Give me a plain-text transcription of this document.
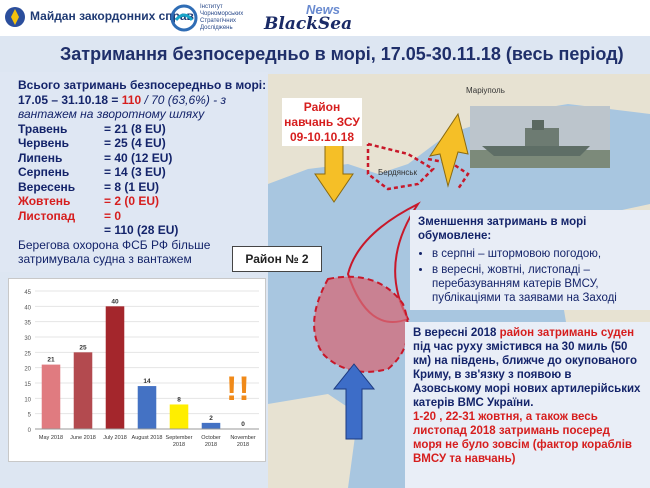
Майдан закордонних справ
Інститут Чорноморських Стратегічних Досліджень
News
BlackSea
Затримання безпосередньо в морі, 17.05-30.11.18 (весь період)
Маріуполь
Бердянськ
Всього затримань безпосередньо в морі:
17.05 – 31.10.18 = 110 / 70 (63,6%) - з
вантажем на зворотному шляху
Травень	= 21 (8 EU)
Червень	= 25 (4 EU)
Липень	= 40 (12 EU)
Серпень	= 14 (3 EU)
Вересень	= 8 (1 EU)
Жовтень	= 2 (0 EU)
Листопад	= 0
= 110 (28 EU)
Берегова охорона ФСБ РФ більше затримувала судна з вантажем
0
5
10
15
20
25
30
35
40
45
21
May 2018
25
June 2018
40
July 2018
14
August 2018
8
September
2018
2
October
2018
0
November
2018
Район навчань ЗСУ 09-10.10.18
Район № 2
Зменшення затримань в морі обумовлене:
• в серпні – штормовою погодою,
• в вересні, жовтні, листопаді – перебазуванням катерів ВМСУ, публікаціями та заявами на Заході
В вересні 2018 район затримань суден під час руху змістився на 30 миль (50 км) на південь, ближче до окупованого Криму, в зв'язку з появою в Азовському морі нових артилерійських катерів ВМС України.
1-20 , 22-31 жовтня, а також весь листопад 2018 затримань посеред моря не було зовсім (фактор кораблів ВМСУ та навчань)
!!
